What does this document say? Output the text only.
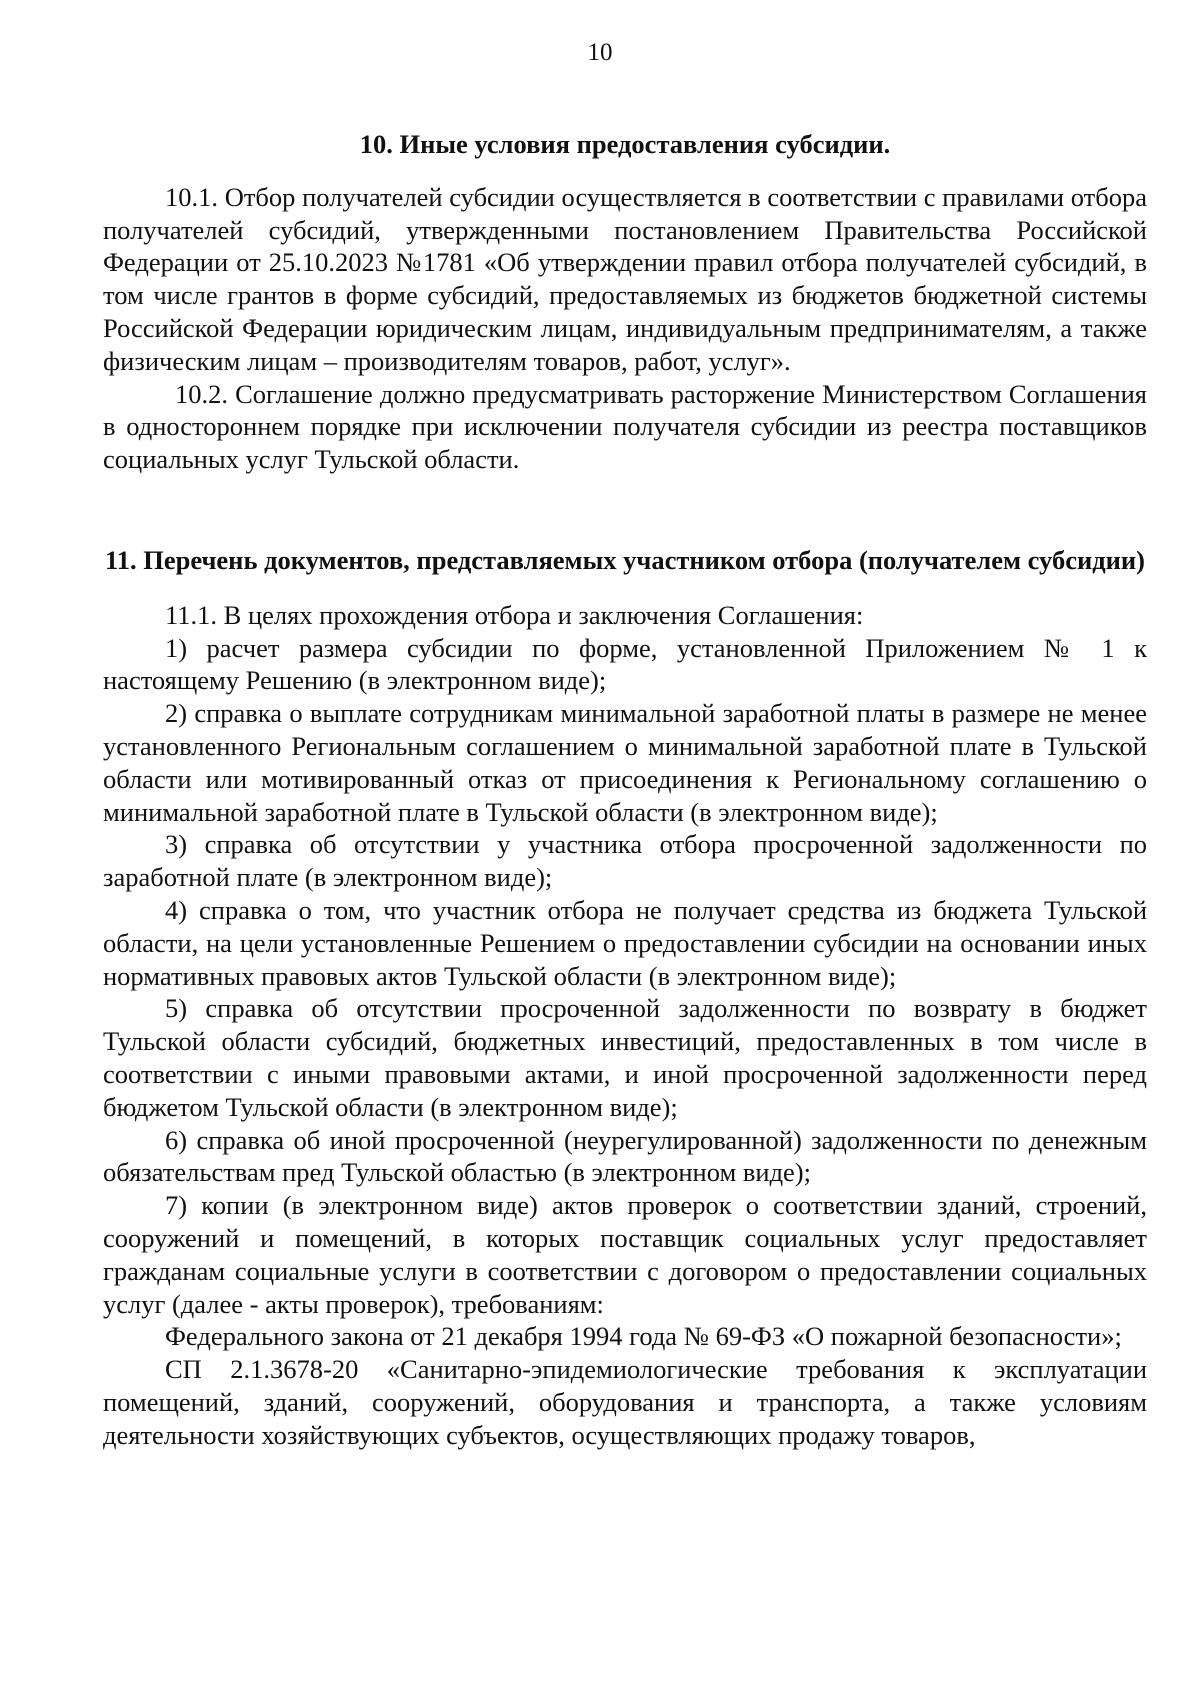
10

10. Иные условия предоставления субсидии.

10.1. Отбор получателей субсидии осуществляется в соответствии с правилами отбора получателей субсидий, утвержденными постановлением Правительства Российской Федерации от 25.10.2023 №1781 «Об утверждении правил отбора получателей субсидий, в том числе грантов в форме субсидий, предоставляемых из бюджетов бюджетной системы Российской Федерации юридическим лицам, индивидуальным предпринимателям, а также физическим лицам – производителям товаров, работ, услуг».

10.2. Соглашение должно предусматривать расторжение Министерством Соглашения в одностороннем порядке при исключении получателя субсидии из реестра поставщиков социальных услуг Тульской области.

11. Перечень документов, представляемых участником отбора (получателем субсидии)

11.1. В целях прохождения отбора и заключения Соглашения:

1) расчет размера субсидии по форме, установленной Приложением № 1 к настоящему Решению (в электронном виде);

2) справка о выплате сотрудникам минимальной заработной платы в размере не менее установленного Региональным соглашением о минимальной заработной плате в Тульской области или мотивированный отказ от присоединения к Региональному соглашению о минимальной заработной плате в Тульской области (в электронном виде);

3) справка об отсутствии у участника отбора просроченной задолженности по заработной плате (в электронном виде);

4) справка о том, что участник отбора не получает средства из бюджета Тульской области, на цели установленные Решением о предоставлении субсидии на основании иных нормативных правовых актов Тульской области (в электронном виде);

5) справка об отсутствии просроченной задолженности по возврату в бюджет Тульской области субсидий, бюджетных инвестиций, предоставленных в том числе в соответствии с иными правовыми актами, и иной просроченной задолженности перед бюджетом Тульской области (в электронном виде);

6) справка об иной просроченной (неурегулированной) задолженности по денежным обязательствам пред Тульской областью (в электронном виде);

7) копии (в электронном виде) актов проверок о соответствии зданий, строений, сооружений и помещений, в которых поставщик социальных услуг предоставляет гражданам социальные услуги в соответствии с договором о предоставлении социальных услуг (далее - акты проверок), требованиям:

Федерального закона от 21 декабря 1994 года № 69-ФЗ «О пожарной безопасности»;

СП 2.1.3678-20 «Санитарно-эпидемиологические требования к эксплуатации помещений, зданий, сооружений, оборудования и транспорта, а также условиям деятельности хозяйствующих субъектов, осуществляющих продажу товаров,
